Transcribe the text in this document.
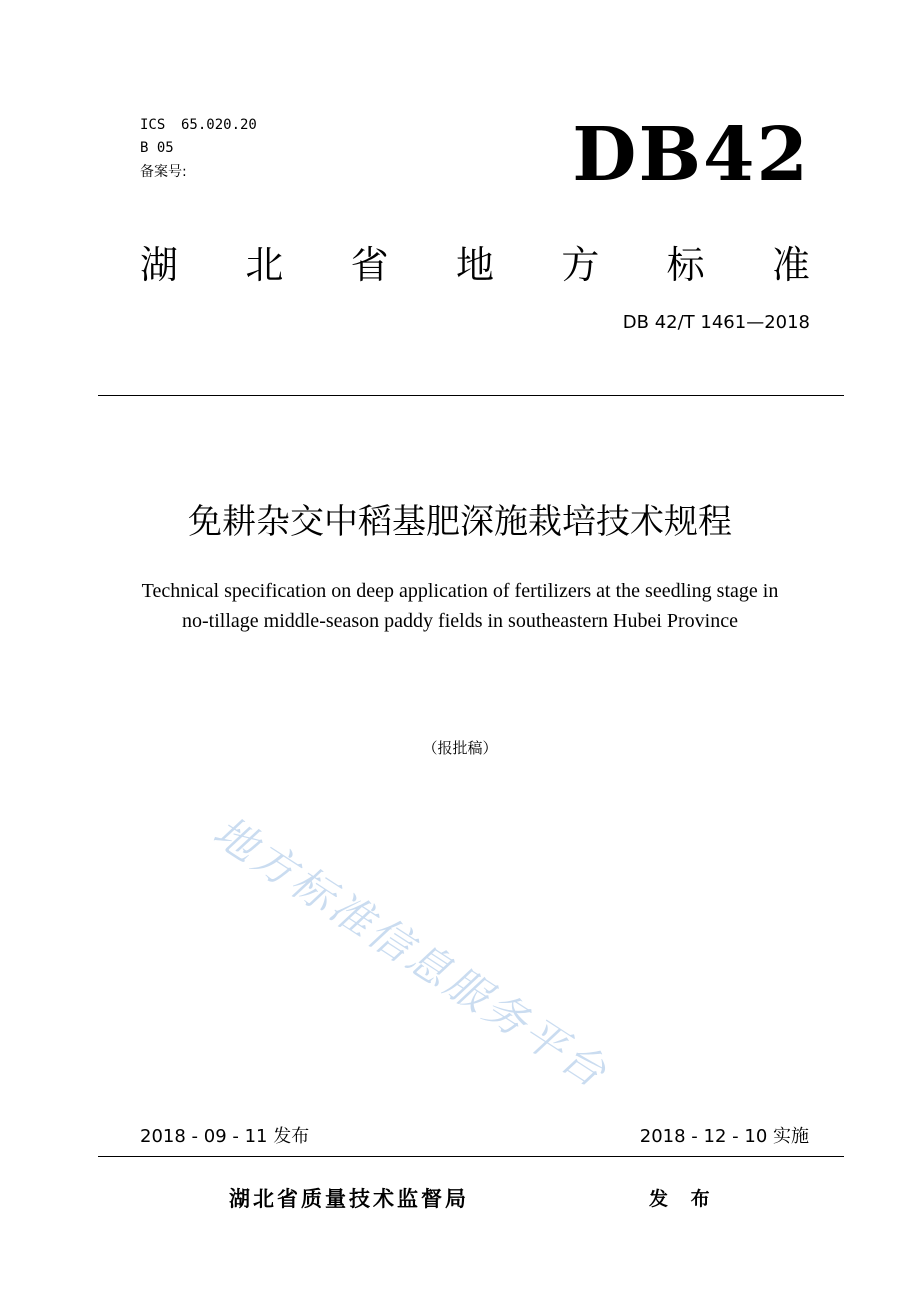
ICS 65.020.20
B 05
备案号:	DB42
湖 北 省 地 方 标 准
DB 42/T 1461—2018
免耕杂交中稻基肥深施栽培技术规程
Technical specification on deep application of fertilizers at the seedling stage in
no-tillage middle-season paddy fields in southeastern Hubei Province
（报批稿）
地方标准信息服务平台
2018 - 09 - 11 发布	2018 - 12 - 10 实施
湖北省质量技术监督局	发 布
